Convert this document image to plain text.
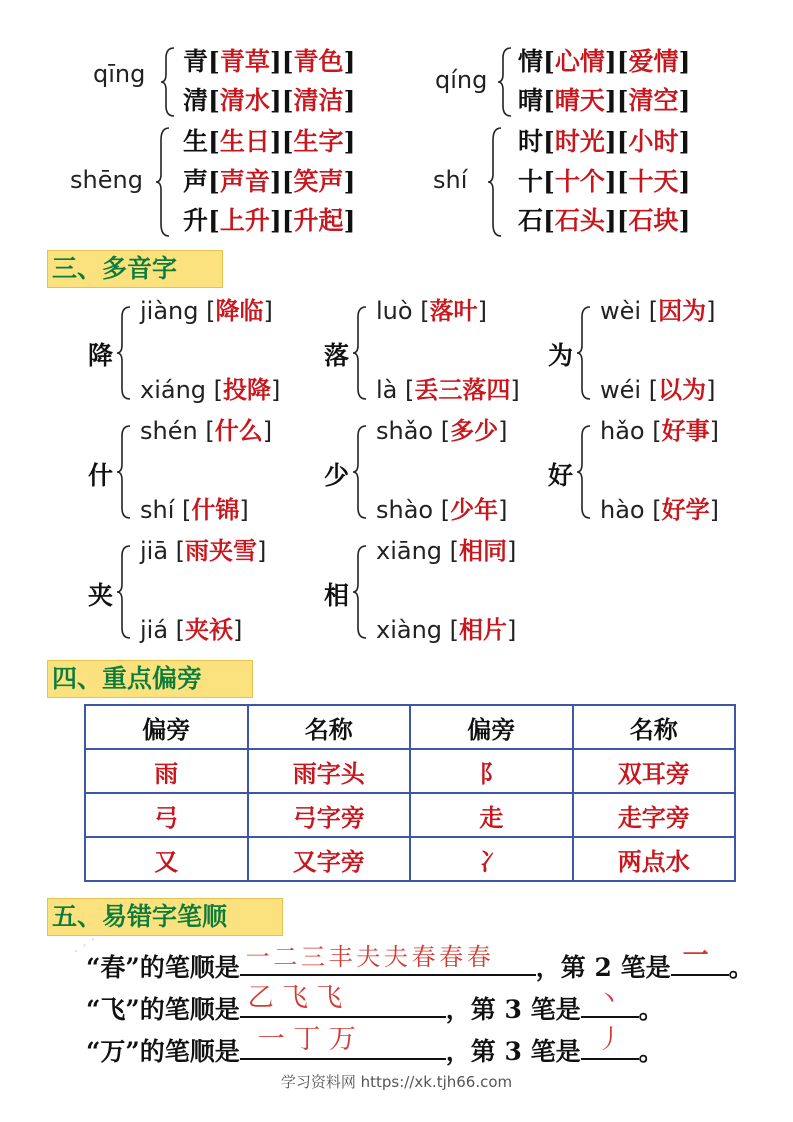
qīng 青[青草][青色]
清[清水][清洁]
qíng
情[心情][爱情]
晴[晴天][清空]
shēng
生[生日][生字]
声[声音][笑声]
升[上升][升起]
shí
时[时光][小时]
十[十个][十天]
石[石头][石块]
三、多音字
降
jiàng [降临]
xiáng [投降]
落
luò [落叶]
là [丢三落四]
为
wèi [因为]
wéi [以为]
什
shén [什么]
shí [什锦]
少
shǎo [多少]
shào [少年]
好
hǎo [好事]
hào [好学]
夹
jiā [雨夹雪]
jiá [夹袄]
相
xiāng [相同]
xiàng [相片]
四、重点偏旁
偏旁	名称	偏旁	名称
雨	雨字头	阝	双耳旁
弓	弓字旁	走	走字旁
又	又字旁	冫	两点水
五、易错字笔顺
“春”的笔顺是 一 二 三 丰 夫 夫 春 春 春 ，第 2 笔是 一 。
“飞”的笔顺是 乙 飞 飞	，第 3 笔是 丶 。
“万”的笔顺是 一 丁 万	，第 3 笔是 丿 。
· · · · ·
学习资料网 https://xk.tjh66.com
